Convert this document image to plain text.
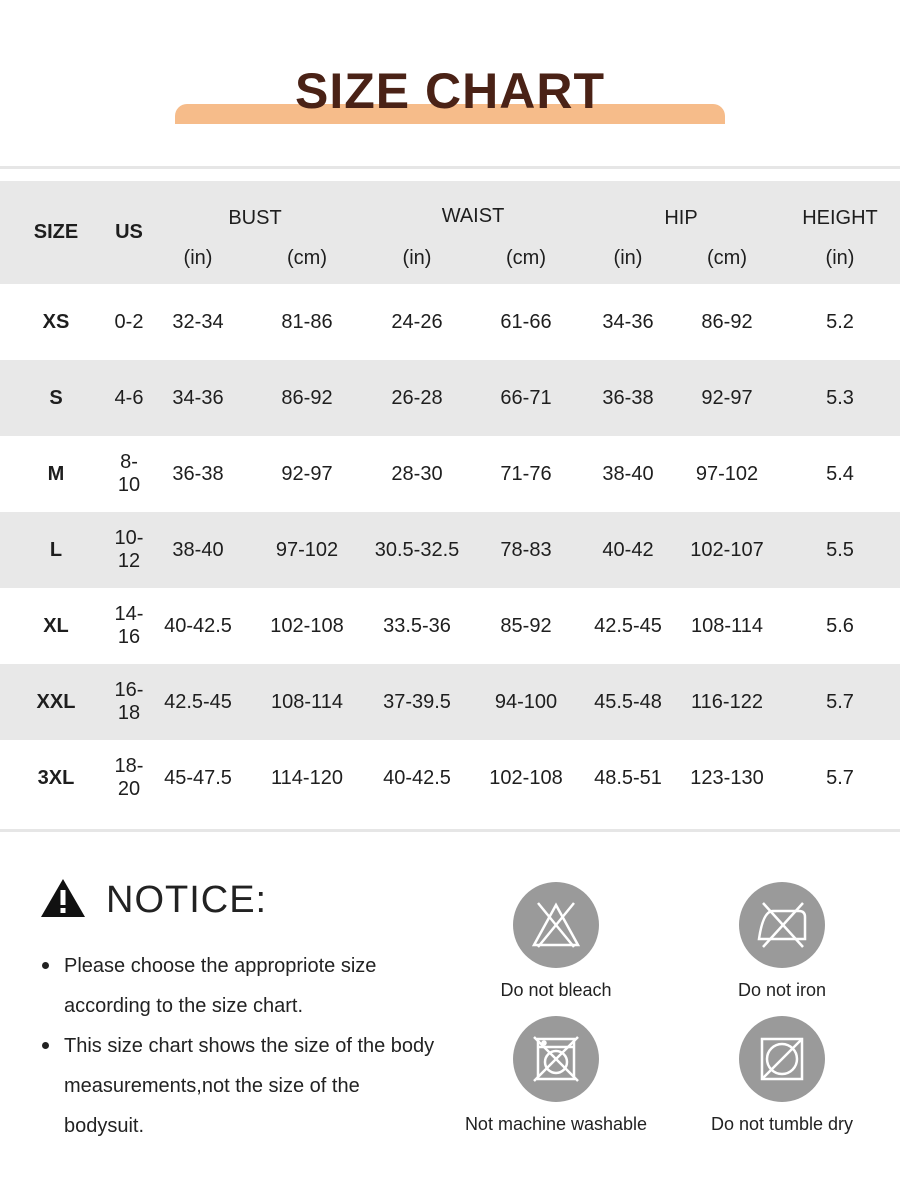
SIZE CHART
SIZE	US	BUST		WAIST		HIP		HEIGHT
		(in)	(cm)	(in)	(cm)	(in)	(cm)	(in)
XS	0-2	32-34	81-86	24-26	61-66	34-36	86-92	5.2
S	4-6	34-36	86-92	26-28	66-71	36-38	92-97	5.3
M	8-10	36-38	92-97	28-30	71-76	38-40	97-102	5.4
L	10-12	38-40	97-102	30.5-32.5	78-83	40-42	102-107	5.5
XL	14-16	40-42.5	102-108	33.5-36	85-92	42.5-45	108-114	5.6
XXL	16-18	42.5-45	108-114	37-39.5	94-100	45.5-48	116-122	5.7
3XL	18-20	45-47.5	114-120	40-42.5	102-108	48.5-51	123-130	5.7
NOTICE:
Please choose the appropriote size according to the size chart.
This size chart shows the size of the body measurements,not the size of the bodysuit.
Do not bleach	Do not iron
Not machine washable	Do not tumble dry
